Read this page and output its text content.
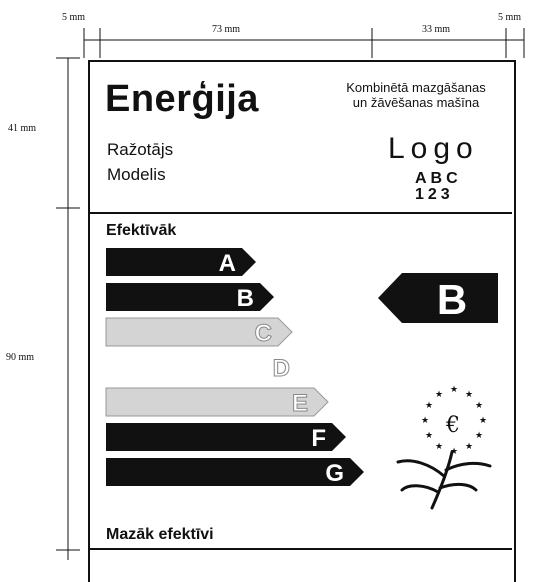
5 mm
73 mm	33 mm
5 mm
41 mm
90 mm
Enerģija	Kombinētā mazgāšanas
un žāvēšanas mašīna
Ražotājs
Modelis
Logo
ABC
123
Efektīvāk
A
B
C
D
E
F
G
B
Mazāk efektīvi
★ ★
★
★
★
★
★
★
★
★
★
★
€
